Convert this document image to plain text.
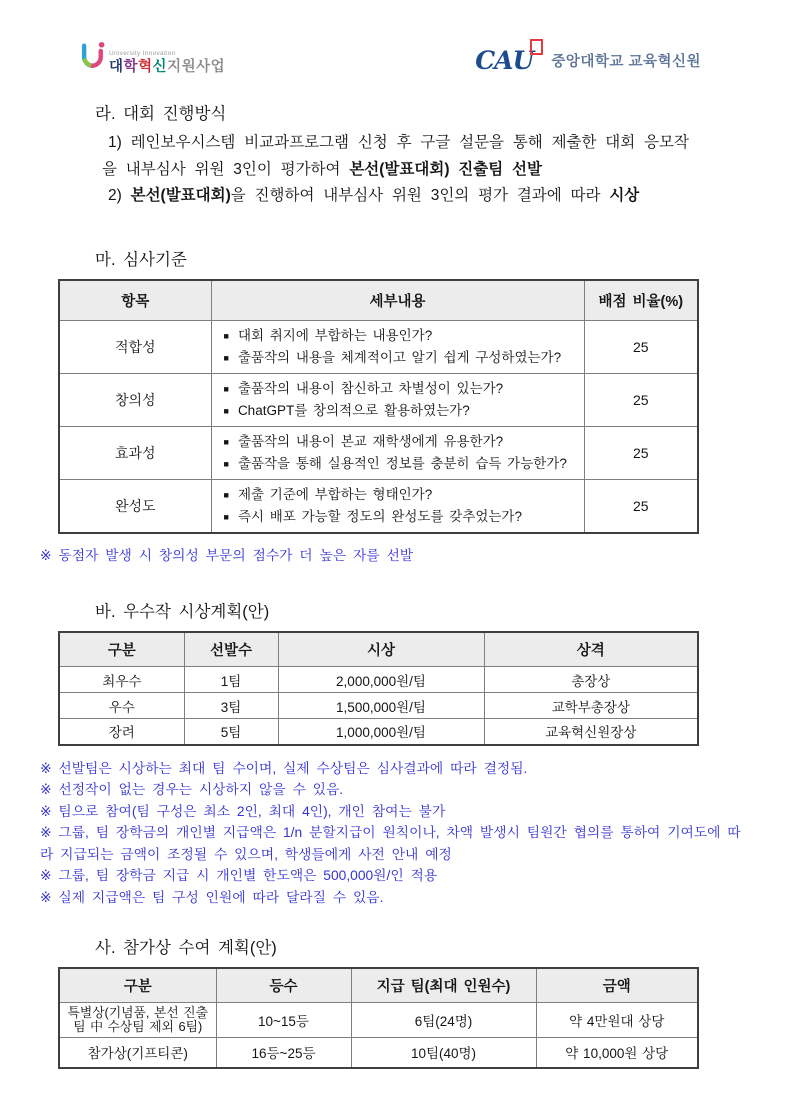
University Innovation
대학혁신지원사업	CAU	중앙대학교 교육혁신원
라. 대회 진행방식
1) 레인보우시스템 비교과프로그램 신청 후 구글 설문을 통해 제출한 대회 응모작
을 내부심사 위원 3인이 평가하여 본선(발표대회) 진출팀 선발
2) 본선(발표대회)을 진행하여 내부심사 위원 3인의 평가 결과에 따라 시상
마. 심사기준
항목	세부내용	배점 비율(%)
적합성	■ 대회 취지에 부합하는 내용인가?
■ 출품작의 내용을 체계적이고 알기 쉽게 구성하였는가?	25
창의성	■ 출품작의 내용이 참신하고 차별성이 있는가?
■ ChatGPT를 창의적으로 활용하였는가?	25
효과성	■ 출품작의 내용이 본교 재학생에게 유용한가?
■ 출품작을 통해 실용적인 정보를 충분히 습득 가능한가?	25
완성도	■ 제출 기준에 부합하는 형태인가?
■ 즉시 배포 가능할 정도의 완성도를 갖추었는가?	25
※ 동점자 발생 시 창의성 부문의 점수가 더 높은 자를 선발
바. 우수작 시상계획(안)
구분	선발수	시상	상격
최우수	1팀	2,000,000원/팀	총장상
우수	3팀	1,500,000원/팀	교학부총장상
장려	5팀	1,000,000원/팀	교육혁신원장상
※ 선발팀은 시상하는 최대 팀 수이며, 실제 수상팀은 심사결과에 따라 결정됨.
※ 선정작이 없는 경우는 시상하지 않을 수 있음.
※ 팀으로 참여(팀 구성은 최소 2인, 최대 4인), 개인 참여는 불가
※ 그룹, 팀 장학금의 개인별 지급액은 1/n 분할지급이 원칙이나, 차액 발생시 팀원간 협의를 통하여 기여도에 따라 지급되는 금액이 조정될 수 있으며, 학생들에게 사전 안내 예정
※ 그룹, 팀 장학금 지급 시 개인별 한도액은 500,000원/인 적용
※ 실제 지급액은 팀 구성 인원에 따라 달라질 수 있음.
사. 참가상 수여 계획(안)
구분	등수	지급 팀(최대 인원수)	금액
특별상(기념품, 본선 진출팀 中 수상팀 제외 6팀)	10~15등	6팀(24명)	약 4만원대 상당
참가상(기프티콘)	16등~25등	10팀(40명)	약 10,000원 상당
